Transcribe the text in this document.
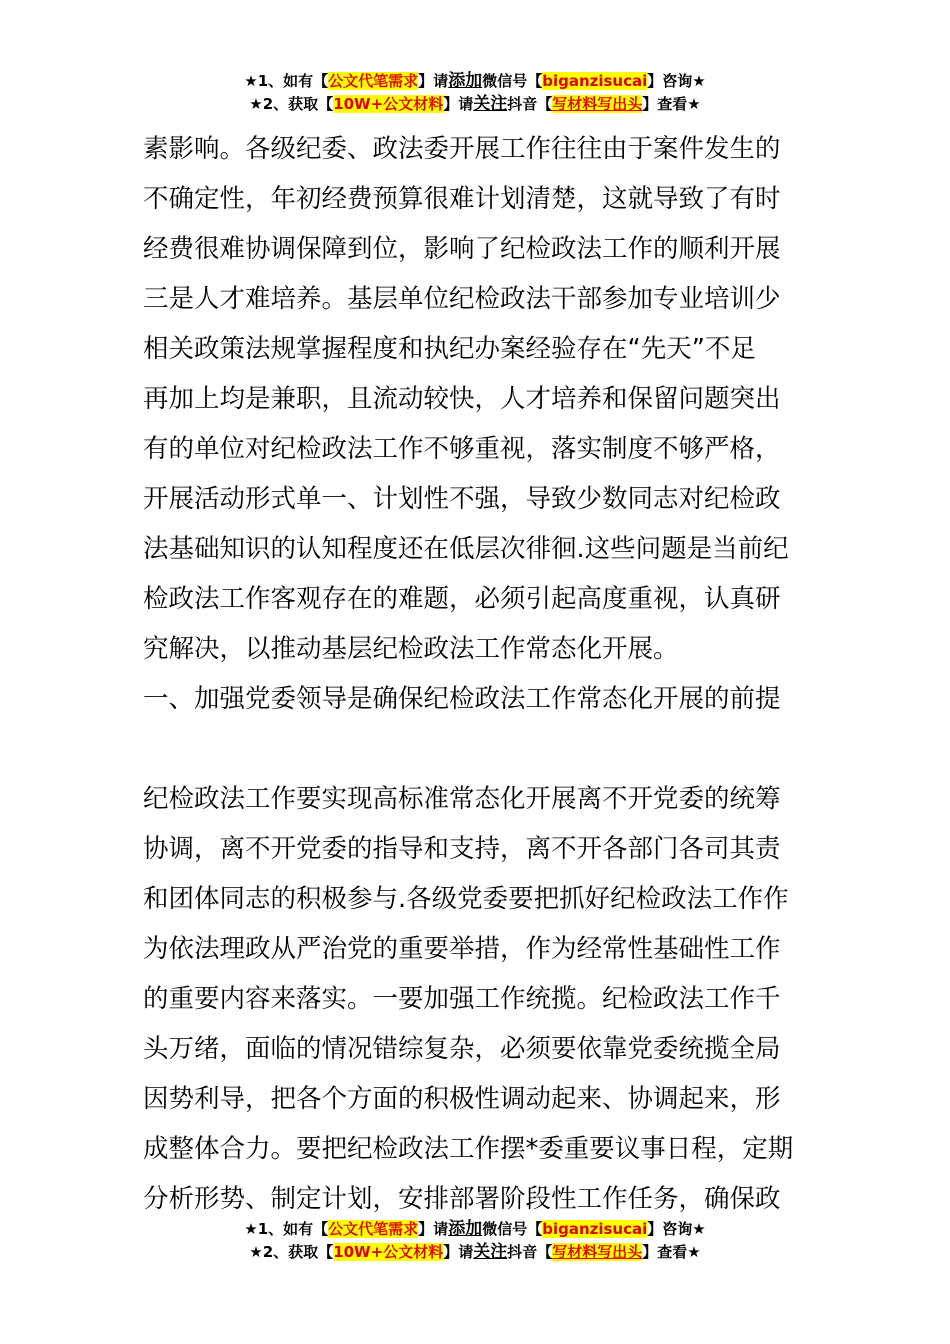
★1、如有【公文代笔需求】请添加微信号【biganzisucai】咨询★
★2、获取【10W+公文材料】请关注抖音【写材料写出头】查看★
素影响。各级纪委、政法委开展工作往往由于案件发生的
不确定性，年初经费预算很难计划清楚，这就导致了有时
经费很难协调保障到位，影响了纪检政法工作的顺利开展
三是人才难培养。基层单位纪检政法干部参加专业培训少
相关政策法规掌握程度和执纪办案经验存在“先天”不足
再加上均是兼职，且流动较快，人才培养和保留问题突出
有的单位对纪检政法工作不够重视，落实制度不够严格，
开展活动形式单一、计划性不强，导致少数同志对纪检政
法基础知识的认知程度还在低层次徘徊.这些问题是当前纪
检政法工作客观存在的难题，必须引起高度重视，认真研
究解决，以推动基层纪检政法工作常态化开展。
一、加强党委领导是确保纪检政法工作常态化开展的前提
纪检政法工作要实现高标准常态化开展离不开党委的统筹
协调，离不开党委的指导和支持，离不开各部门各司其责
和团体同志的积极参与.各级党委要把抓好纪检政法工作作
为依法理政从严治党的重要举措，作为经常性基础性工作
的重要内容来落实。一要加强工作统揽。纪检政法工作千
头万绪，面临的情况错综复杂，必须要依靠党委统揽全局
因势利导，把各个方面的积极性调动起来、协调起来，形
成整体合力。要把纪检政法工作摆*委重要议事日程，定期
分析形势、制定计划，安排部署阶段性工作任务，确保政
★1、如有【公文代笔需求】请添加微信号【biganzisucai】咨询★
★2、获取【10W+公文材料】请关注抖音【写材料写出头】查看★
